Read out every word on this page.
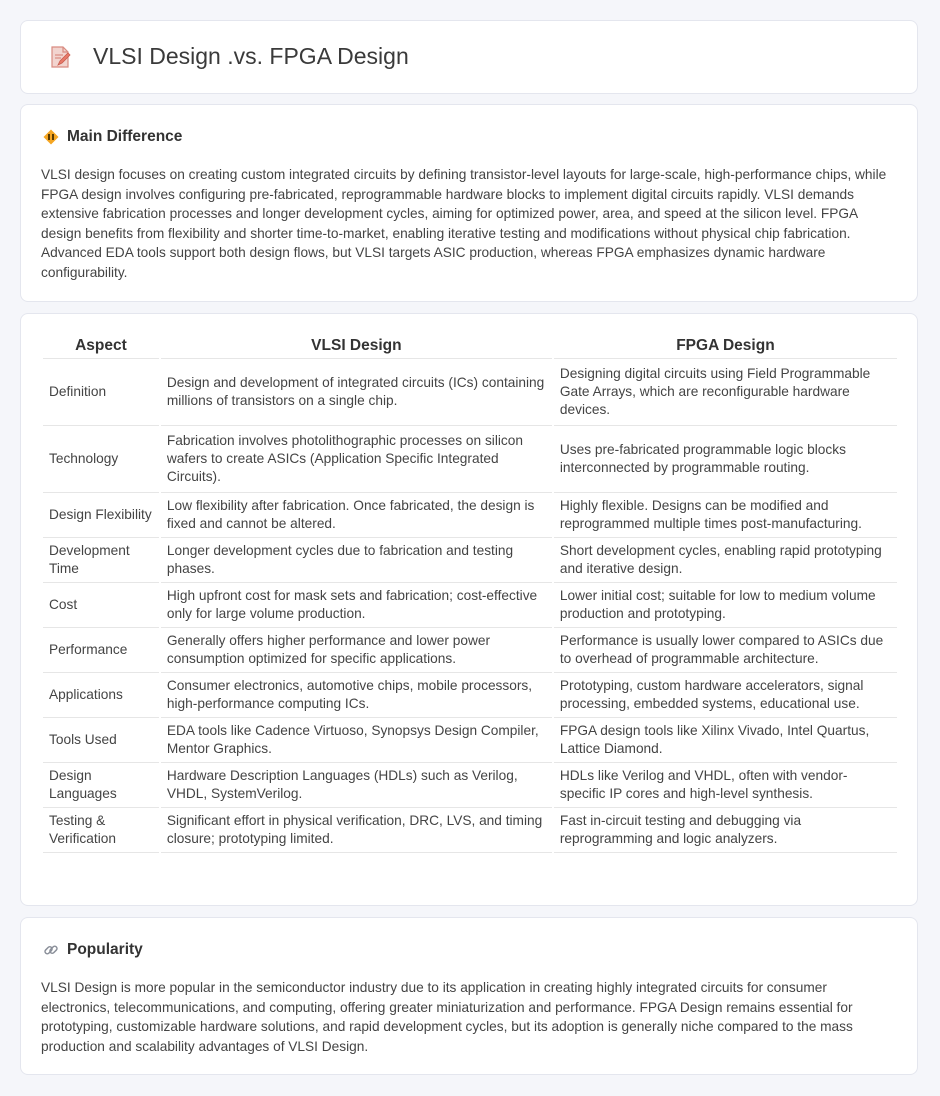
VLSI Design .vs. FPGA Design
Main Difference

VLSI design focuses on creating custom integrated circuits by defining transistor-level layouts for large-scale, high-performance chips, while FPGA design involves configuring pre-fabricated, reprogrammable hardware blocks to implement digital circuits rapidly. VLSI demands extensive fabrication processes and longer development cycles, aiming for optimized power, area, and speed at the silicon level. FPGA design benefits from flexibility and shorter time-to-market, enabling iterative testing and modifications without physical chip fabrication. Advanced EDA tools support both design flows, but VLSI targets ASIC production, whereas FPGA emphasizes dynamic hardware configurability.

Aspect	VLSI Design	FPGA Design
Definition	Design and development of integrated circuits (ICs) containing millions of transistors on a single chip.	Designing digital circuits using Field Programmable Gate Arrays, which are reconfigurable hardware devices.
Technology	Fabrication involves photolithographic processes on silicon wafers to create ASICs (Application Specific Integrated Circuits).	Uses pre-fabricated programmable logic blocks interconnected by programmable routing.
Design Flexibility	Low flexibility after fabrication. Once fabricated, the design is fixed and cannot be altered.	Highly flexible. Designs can be modified and reprogrammed multiple times post-manufacturing.
Development Time	Longer development cycles due to fabrication and testing phases.	Short development cycles, enabling rapid prototyping and iterative design.
Cost	High upfront cost for mask sets and fabrication; cost-effective only for large volume production.	Lower initial cost; suitable for low to medium volume production and prototyping.
Performance	Generally offers higher performance and lower power consumption optimized for specific applications.	Performance is usually lower compared to ASICs due to overhead of programmable architecture.
Applications	Consumer electronics, automotive chips, mobile processors, high-performance computing ICs.	Prototyping, custom hardware accelerators, signal processing, embedded systems, educational use.
Tools Used	EDA tools like Cadence Virtuoso, Synopsys Design Compiler, Mentor Graphics.	FPGA design tools like Xilinx Vivado, Intel Quartus, Lattice Diamond.
Design Languages	Hardware Description Languages (HDLs) such as Verilog, VHDL, SystemVerilog.	HDLs like Verilog and VHDL, often with vendor-specific IP cores and high-level synthesis.
Testing & Verification	Significant effort in physical verification, DRC, LVS, and timing closure; prototyping limited.	Fast in-circuit testing and debugging via reprogramming and logic analyzers.
Popularity

VLSI Design is more popular in the semiconductor industry due to its application in creating highly integrated circuits for consumer electronics, telecommunications, and computing, offering greater miniaturization and performance. FPGA Design remains essential for prototyping, customizable hardware solutions, and rapid development cycles, but its adoption is generally niche compared to the mass production and scalability advantages of VLSI Design.
